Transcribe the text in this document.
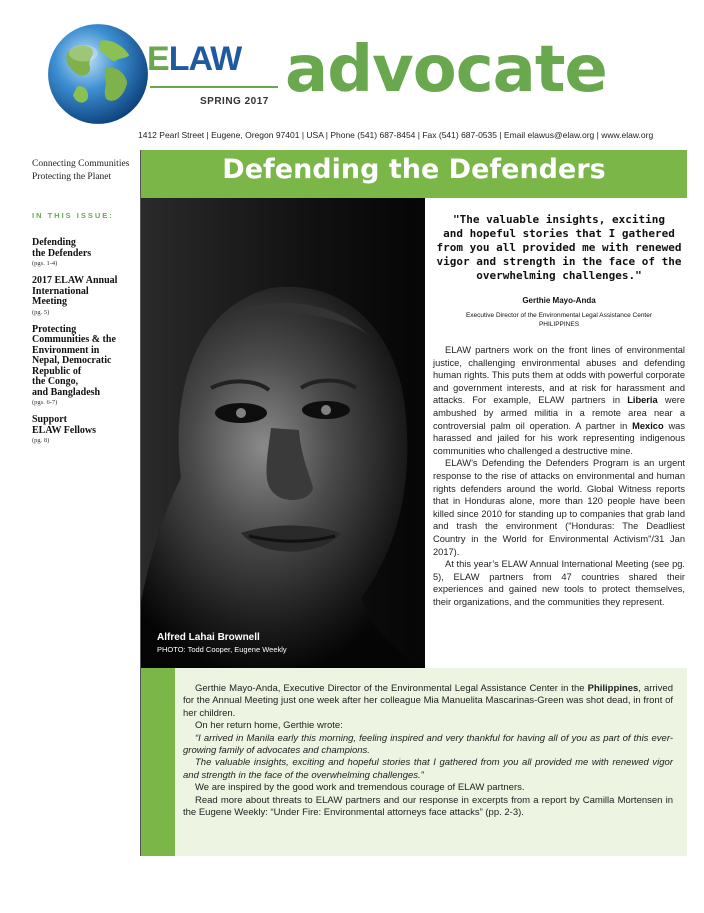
ELAW
SPRING 2017 advocate
1412 Pearl Street | Eugene, Oregon 97401 | USA | Phone (541) 687-8454 | Fax (541) 687-0535 | Email elawus@elaw.org | www.elaw.org
Connecting Communities
Protecting the Planet
IN THIS ISSUE:
Defending
the Defenders
(pgs. 1-4)
2017 ELAW Annual
International
Meeting
(pg. 5)
Protecting
Communities & the
Environment in
Nepal, Democratic
Republic of
the Congo,
and Bangladesh
(pgs. 6-7)
Support
ELAW Fellows
(pg. 8)
Defending the Defenders
Alfred Lahai Brownell
PHOTO: Todd Cooper, Eugene Weekly
"The valuable insights, exciting
and hopeful stories that I gathered
from you all provided me with renewed
vigor and strength in the face of the
overwhelming challenges."
Gerthie Mayo-Anda
Executive Director of the Environmental Legal Assistance Center
PHILIPPINES

ELAW partners work on the front lines of environmental justice, challenging environmental abuses and defending human rights. This puts them at odds with powerful corporate and government interests, and at risk for harassment and attacks. For example, ELAW partners in Liberia were ambushed by armed militia in a remote area near a controversial palm oil operation. A partner in Mexico was harassed and jailed for his work representing indigenous communities who challenged a destructive mine.

ELAW’s Defending the Defenders Program is an urgent response to the rise of attacks on environmental and human rights defenders around the world. Global Witness reports that in Honduras alone, more than 120 people have been killed since 2010 for standing up to companies that grab land and trash the environment ("Honduras: The Deadliest Country in the World for Environmental Activism"/31 Jan 2017).

At this year’s ELAW Annual International Meeting (see pg. 5), ELAW partners from 47 countries shared their experiences and gained new tools to protect themselves, their organizations, and the communities they represent.

Gerthie Mayo-Anda, Executive Director of the Environmental Legal Assistance Center in the Philippines, arrived for the Annual Meeting just one week after her colleague Mia Manuelita Mascarinas-Green was shot dead, in front of her children.

On her return home, Gerthie wrote:

“I arrived in Manila early this morning, feeling inspired and very thankful for having all of you as part of this ever-growing family of advocates and champions.

The valuable insights, exciting and hopeful stories that I gathered from you all provided me with renewed vigor and strength in the face of the overwhelming challenges.”

We are inspired by the good work and tremendous courage of ELAW partners.

Read more about threats to ELAW partners and our response in excerpts from a report by Camilla Mortensen in the Eugene Weekly: “Under Fire: Environmental attorneys face attacks” (pp. 2-3).
